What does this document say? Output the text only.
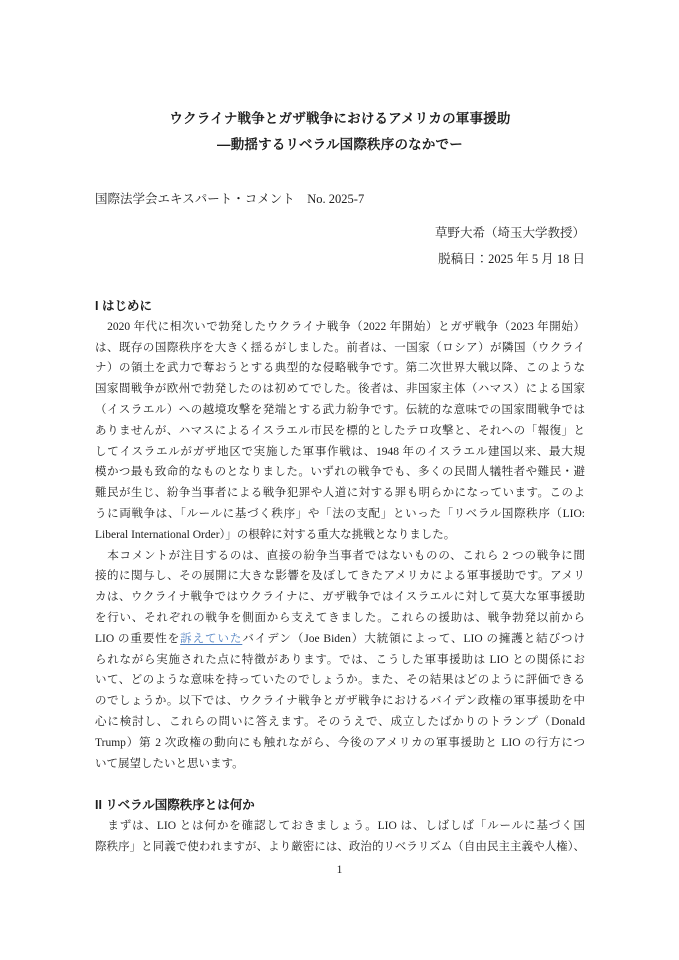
ウクライナ戦争とガザ戦争におけるアメリカの軍事援助
—動揺するリベラル国際秩序のなかでー
国際法学会エキスパート・コメント　No. 2025-7
草野大希（埼玉大学教授）
脱稿日：2025 年 5 月 18 日
I はじめに
　2020 年代に相次いで勃発したウクライナ戦争（2022 年開始）とガザ戦争（2023 年開始）
は、既存の国際秩序を大きく揺るがしました。前者は、一国家（ロシア）が隣国（ウクライ
ナ）の領土を武力で奪おうとする典型的な侵略戦争です。第二次世界大戦以降、このような
国家間戦争が欧州で勃発したのは初めてでした。後者は、非国家主体（ハマス）による国家
（イスラエル）への越境攻撃を発端とする武力紛争です。伝統的な意味での国家間戦争では
ありませんが、ハマスによるイスラエル市民を標的としたテロ攻撃と、それへの「報復」と
してイスラエルがガザ地区で実施した軍事作戦は、1948 年のイスラエル建国以来、最大規
模かつ最も致命的なものとなりました。いずれの戦争でも、多くの民間人犠牲者や難民・避
難民が生じ、紛争当事者による戦争犯罪や人道に対する罪も明らかになっています。このよ
うに両戦争は、「ルールに基づく秩序」や「法の支配」といった「リベラル国際秩序（LIO:
Liberal International Order）」の根幹に対する重大な挑戦となりました。
　本コメントが注目するのは、直接の紛争当事者ではないものの、これら 2 つの戦争に間
接的に関与し、その展開に大きな影響を及ぼしてきたアメリカによる軍事援助です。アメリ
カは、ウクライナ戦争ではウクライナに、ガザ戦争ではイスラエルに対して莫大な軍事援助
を行い、それぞれの戦争を側面から支えてきました。これらの援助は、戦争勃発以前から
LIO の重要性を訴えていたバイデン（Joe Biden）大統領によって、LIO の擁護と結びつけ
られながら実施された点に特徴があります。では、こうした軍事援助は LIO との関係にお
いて、どのような意味を持っていたのでしょうか。また、その結果はどのように評価できる
のでしょうか。以下では、ウクライナ戦争とガザ戦争におけるバイデン政権の軍事援助を中
心に検討し、これらの問いに答えます。そのうえで、成立したばかりのトランプ（Donald
Trump）第 2 次政権の動向にも触れながら、今後のアメリカの軍事援助と LIO の行方につ
いて展望したいと思います。
II リベラル国際秩序とは何か
　まずは、LIO とは何かを確認しておきましょう。LIO は、しばしば「ルールに基づく国
際秩序」と同義で使われますが、より厳密には、政治的リベラリズム（自由民主主義や人権）、
1
